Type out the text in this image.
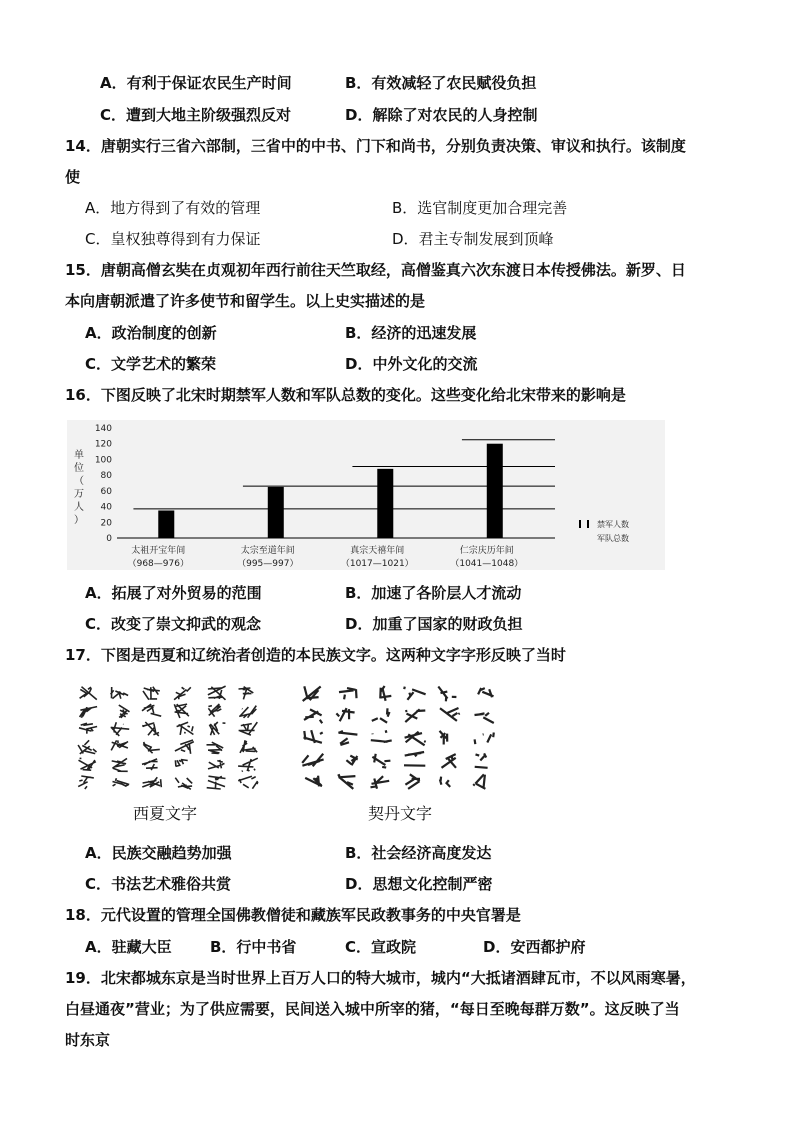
A．有利于保证农民生产时间	B．有效减轻了农民赋役负担
C．遭到大地主阶级强烈反对	D．解除了对农民的人身控制
14．唐朝实行三省六部制，三省中的中书、门下和尚书，分别负责决策、审议和执行。该制度
使
A．地方得到了有效的管理	B．选官制度更加合理完善
C．皇权独尊得到有力保证	D．君主专制发展到顶峰
15．唐朝高僧玄奘在贞观初年西行前往天竺取经，高僧鉴真六次东渡日本传授佛法。新罗、日
本向唐朝派遣了许多使节和留学生。以上史实描述的是
A．政治制度的创新	B．经济的迅速发展
C．文学艺术的繁荣	D．中外文化的交流
16．下图反映了北宋时期禁军人数和军队总数的变化。这些变化给北宋带来的影响是
0
20
40
60
80
100
120
140
单
位
（
万
人
）
太祖开宝年间
（968—976）
太宗至道年间
（995—997）
真宗天禧年间
（1017—1021）
仁宗庆历年间
（1041—1048）
禁军人数
军队总数
A．拓展了对外贸易的范围	B．加速了各阶层人才流动
C．改变了崇文抑武的观念	D．加重了国家的财政负担
17．下图是西夏和辽统治者创造的本民族文字。这两种文字字形反映了当时
西夏文字	契丹文字
A．民族交融趋势加强	B．社会经济高度发达
C．书法艺术雅俗共赏	D．思想文化控制严密
18．元代设置的管理全国佛教僧徒和藏族军民政教事务的中央官署是
A．驻藏大臣	B．行中书省	C．宣政院	D．安西都护府
19．北宋都城东京是当时世界上百万人口的特大城市，城内“大抵诸酒肆瓦市，不以风雨寒暑，
白昼通夜”营业；为了供应需要，民间送入城中所宰的猪，“每日至晚每群万数”。这反映了当
时东京
